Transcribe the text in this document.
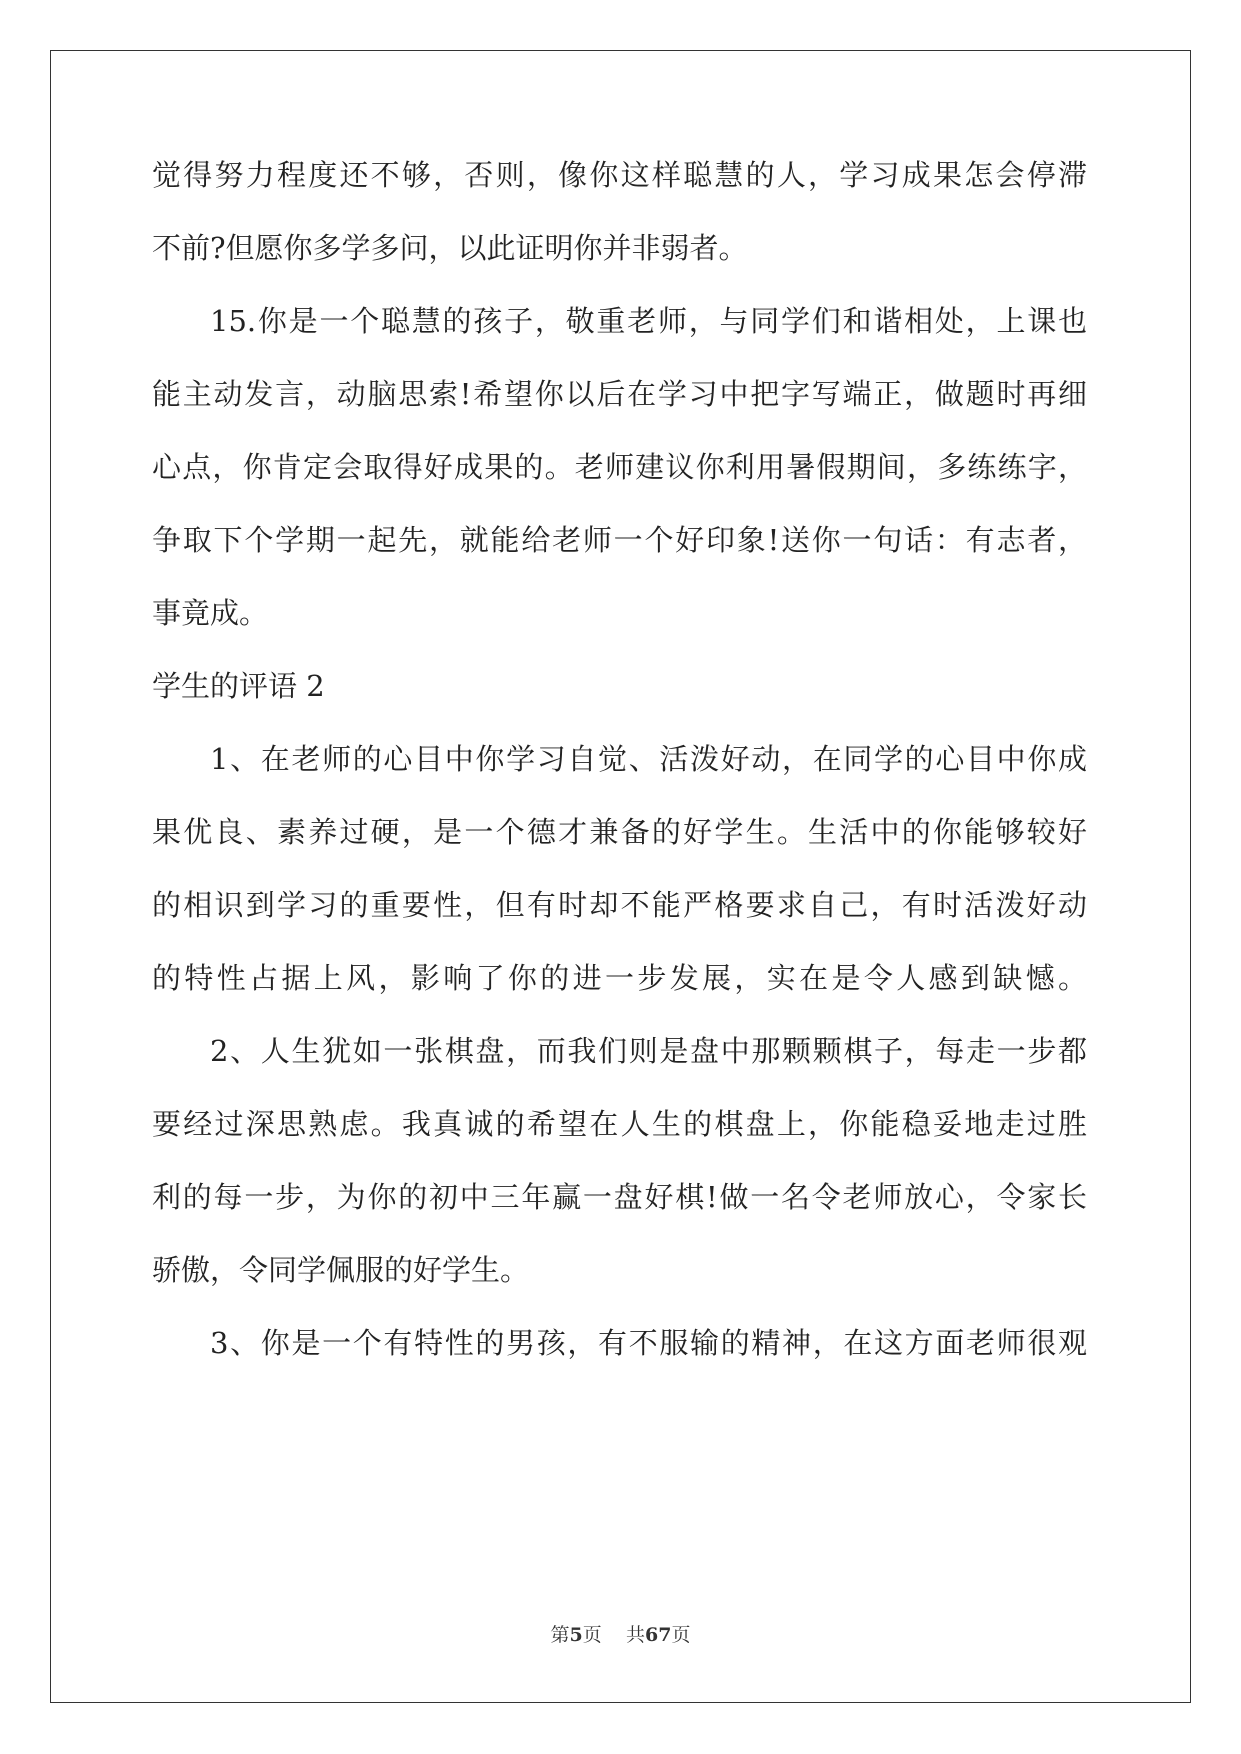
觉得努力程度还不够，否则，像你这样聪慧的人，学习成果怎会停滞
不前?但愿你多学多问，以此证明你并非弱者。
15.你是一个聪慧的孩子，敬重老师，与同学们和谐相处，上课也
能主动发言，动脑思索!希望你以后在学习中把字写端正，做题时再细
心点，你肯定会取得好成果的。老师建议你利用暑假期间，多练练字，
争取下个学期一起先，就能给老师一个好印象!送你一句话：有志者，
事竟成。
学生的评语 2
1、在老师的心目中你学习自觉、活泼好动，在同学的心目中你成
果优良、素养过硬，是一个德才兼备的好学生。生活中的你能够较好
的相识到学习的重要性，但有时却不能严格要求自己，有时活泼好动
的特性占据上风，影响了你的进一步发展，实在是令人感到缺憾。
2、人生犹如一张棋盘，而我们则是盘中那颗颗棋子，每走一步都
要经过深思熟虑。我真诚的希望在人生的棋盘上，你能稳妥地走过胜
利的每一步，为你的初中三年赢一盘好棋!做一名令老师放心，令家长
骄傲，令同学佩服的好学生。
3、你是一个有特性的男孩，有不服输的精神，在这方面老师很观
第5页 共67页
